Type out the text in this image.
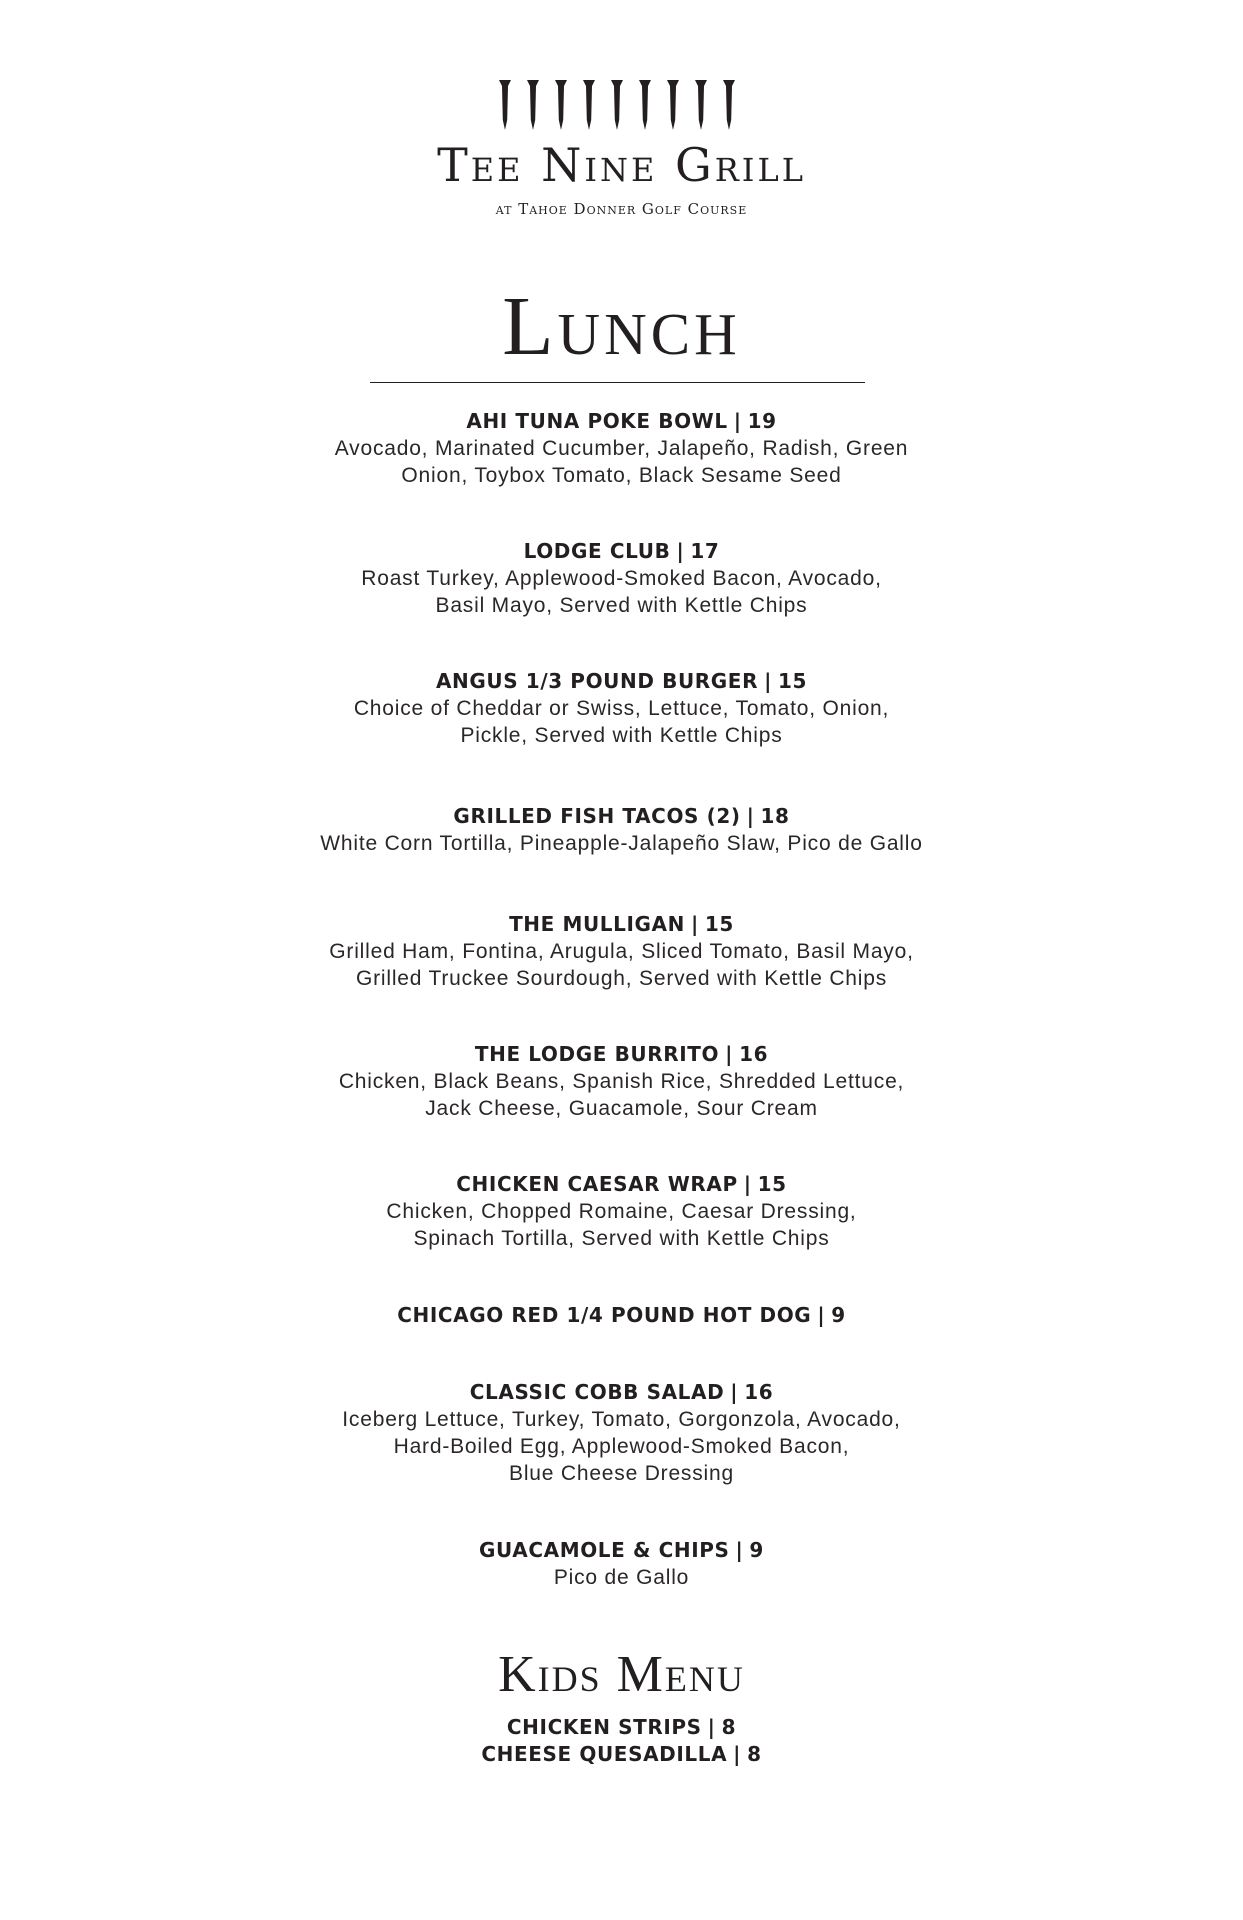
Tee Nine Grill
at Tahoe Donner Golf Course
Lunch
AHI TUNA POKE BOWL | 19
Avocado, Marinated Cucumber, Jalapeño, Radish, Green
Onion, Toybox Tomato, Black Sesame Seed
LODGE CLUB | 17
Roast Turkey, Applewood-Smoked Bacon, Avocado,
Basil Mayo, Served with Kettle Chips
ANGUS 1/3 POUND BURGER | 15
Choice of Cheddar or Swiss, Lettuce, Tomato, Onion,
Pickle, Served with Kettle Chips
GRILLED FISH TACOS (2) | 18
White Corn Tortilla, Pineapple-Jalapeño Slaw, Pico de Gallo
THE MULLIGAN | 15
Grilled Ham, Fontina, Arugula, Sliced Tomato, Basil Mayo,
Grilled Truckee Sourdough, Served with Kettle Chips
THE LODGE BURRITO | 16
Chicken, Black Beans, Spanish Rice, Shredded Lettuce,
Jack Cheese, Guacamole, Sour Cream
CHICKEN CAESAR WRAP | 15
Chicken, Chopped Romaine, Caesar Dressing,
Spinach Tortilla, Served with Kettle Chips
CHICAGO RED 1/4 POUND HOT DOG | 9
CLASSIC COBB SALAD | 16
Iceberg Lettuce, Turkey, Tomato, Gorgonzola, Avocado,
Hard-Boiled Egg, Applewood-Smoked Bacon,
Blue Cheese Dressing
GUACAMOLE & CHIPS | 9
Pico de Gallo
Kids Menu
CHICKEN STRIPS | 8
CHEESE QUESADILLA | 8
